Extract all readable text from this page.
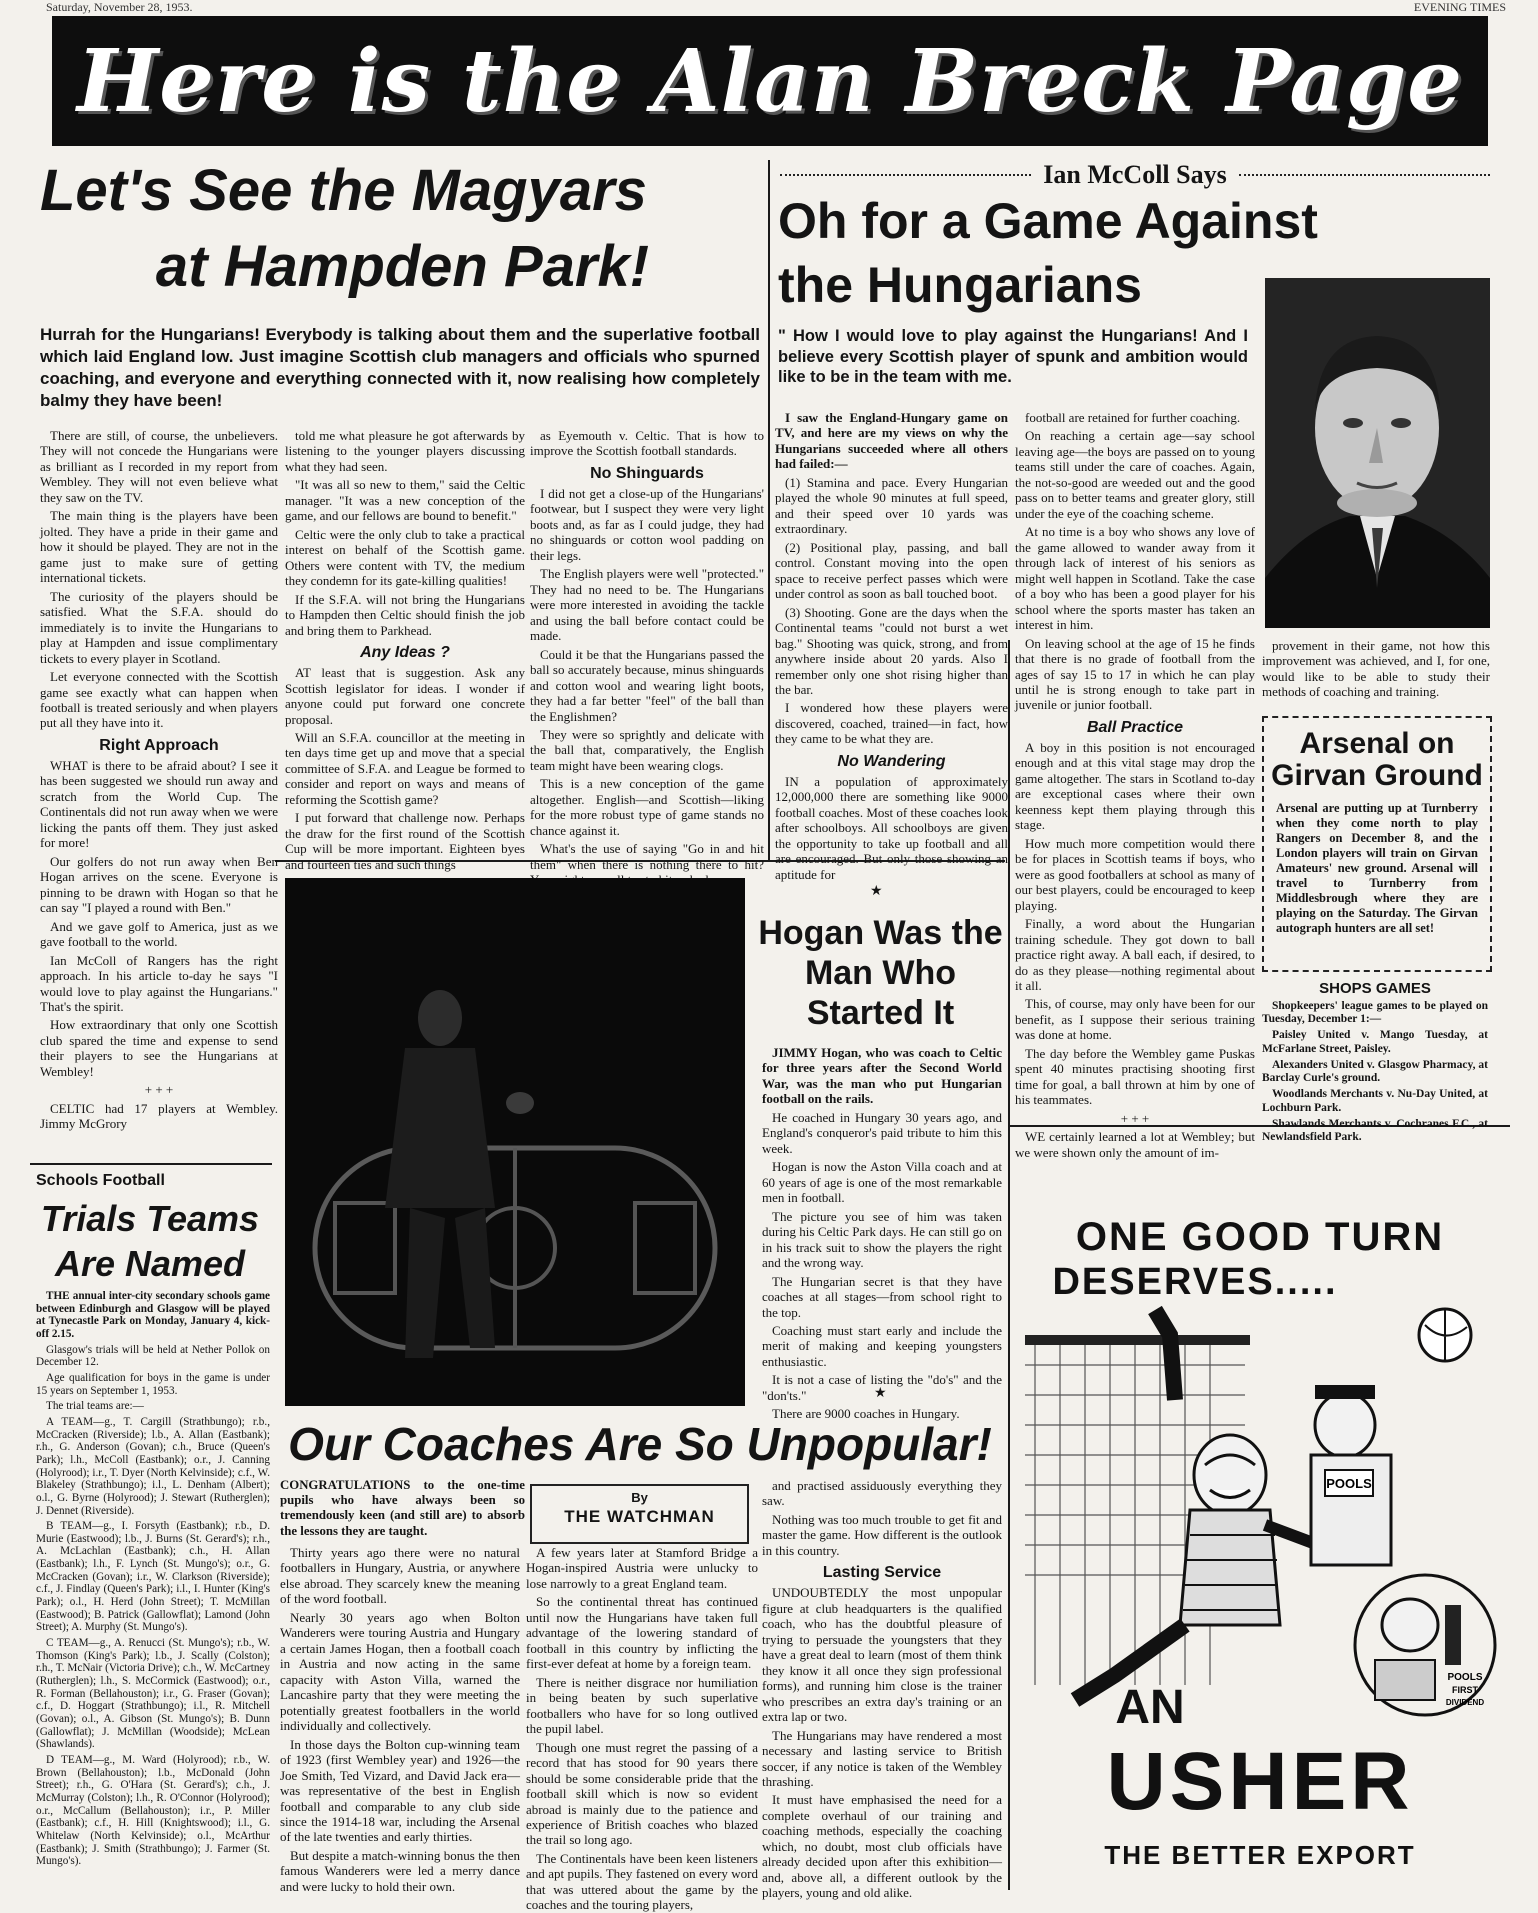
Saturday, November 28, 1953.	EVENING TIMES
Here is the Alan Breck Page
Let's See the Magyars
at Hampden Park!
Hurrah for the Hungarians! Everybody is talking about them and the superlative football which laid England low. Just imagine Scottish club managers and officials who spurned coaching, and everyone and everything connected with it, now realising how completely balmy they have been!

There are still, of course, the unbelievers. They will not concede the Hungarians were as brilliant as I recorded in my report from Wembley. They will not even believe what they saw on the TV.

The main thing is the players have been jolted. They have a pride in their game and how it should be played. They are not in the game just to make sure of getting international tickets.

The curiosity of the players should be satisfied. What the S.F.A. should do immediately is to invite the Hungarians to play at Hampden and issue complimentary tickets to every player in Scotland.

Let everyone connected with the Scottish game see exactly what can happen when football is treated seriously and when players put all they have into it.

Right Approach

WHAT is there to be afraid about? I see it has been suggested we should run away and scratch from the World Cup. The Continentals did not run away when we were licking the pants off them. They just asked for more!

Our golfers do not run away when Ben Hogan arrives on the scene. Everyone is pinning to be drawn with Hogan so that he can say "I played a round with Ben."

And we gave golf to America, just as we gave football to the world.

Ian McColl of Rangers has the right approach. In his article to-day he says "I would love to play against the Hungarians." That's the spirit.

How extraordinary that only one Scottish club spared the time and expense to send their players to see the Hungarians at Wembley!

+ + +

CELTIC had 17 players at Wembley. Jimmy McGrory

told me what pleasure he got afterwards by listening to the younger players discussing what they had seen.

"It was all so new to them," said the Celtic manager. "It was a new conception of the game, and our fellows are bound to benefit."

Celtic were the only club to take a practical interest on behalf of the Scottish game. Others were content with TV, the medium they condemn for its gate-killing qualities!

If the S.F.A. will not bring the Hungarians to Hampden then Celtic should finish the job and bring them to Parkhead.

Any Ideas ?

AT least that is suggestion. Ask any Scottish legislator for ideas. I wonder if anyone could put forward one concrete proposal.

Will an S.F.A. councillor at the meeting in ten days time get up and move that a special committee of S.F.A. and League be formed to consider and report on ways and means of reforming the Scottish game?

I put forward that challenge now. Perhaps the draw for the first round of the Scottish Cup will be more important. Eighteen byes and fourteen ties and such things

as Eyemouth v. Celtic. That is how to improve the Scottish football standards.

No Shinguards

I did not get a close-up of the Hungarians' footwear, but I suspect they were very light boots and, as far as I could judge, they had no shinguards or cotton wool padding on their legs.

The English players were well "protected." They had no need to be. The Hungarians were more interested in avoiding the tackle and using the ball before contact could be made.

Could it be that the Hungarians passed the ball so accurately because, minus shinguards and cotton wool and wearing light boots, they had a far better "feel" of the ball than the Englishmen?

They were so sprightly and delicate with the ball that, comparatively, the English team might have been wearing clogs.

This is a new conception of the game altogether. English—and Scottish—liking for the more robust type of game stands no chance against it.

What's the use of saying "Go in and hit them" when there is nothing there to hit?

Schools Football
Trials Teams
Are Named

THE annual inter-city secondary schools game between Edinburgh and Glasgow will be played at Tynecastle Park on Monday, January 4, kick-off 2.15.

Glasgow's trials will be held at Nether Pollok on December 12.

Age qualification for boys in the game is under 15 years on September 1, 1953.

The trial teams are:—

A TEAM—g., T. Cargill (Strathbungo); r.b., McCracken (Riverside); l.b., A. Allan (Eastbank); r.h., G. Anderson (Govan); c.h., Bruce (Queen's Park); l.h., McColl (Eastbank); o.r., J. Canning (Holyrood); i.r., T. Dyer (North Kelvinside); c.f., W. Blakeley (Strathbungo); i.l., L. Denham (Albert); o.l., G. Byrne (Holyrood); J. Stewart (Rutherglen); J. Dennet (Riverside).

B TEAM—g., I. Forsyth (Eastbank); r.b., D. Murie (Eastwood); l.b., J. Burns (St. Gerard's); r.h., A. McLachlan (Eastbank); c.h., H. Allan (Eastbank); l.h., F. Lynch (St. Mungo's); o.r., G. McCracken (Govan); i.r., W. Clarkson (Riverside); c.f., J. Findlay (Queen's Park); i.l., I. Hunter (King's Park); o.l., H. Herd (John Street); T. McMillan (Eastwood); B. Patrick (Gallowflat); Lamond (John Street); A. Murphy (St. Mungo's).

C TEAM—g., A. Renucci (St. Mungo's); r.b., W. Thomson (King's Park); l.b., J. Scally (Colston); r.h., T. McNair (Victoria Drive); c.h., W. McCartney (Rutherglen); l.h., S. McCormick (Eastwood); o.r., R. Forman (Bellahouston); i.r., G. Fraser (Govan); c.f., D. Hoggart (Strathbungo); i.l., R. Mitchell (Govan); o.l., A. Gibson (St. Mungo's); B. Dunn (Gallowflat); J. McMillan (Woodside); McLean (Shawlands).

D TEAM—g., M. Ward (Holyrood); r.b., W. Brown (Bellahouston); l.b., McDonald (John Street); r.h., G. O'Hara (St. Gerard's); c.h., J. McMurray (Colston); l.h., R. O'Connor (Holyrood); o.r., McCallum (Bellahouston); i.r., P. Miller (Eastbank); c.f., H. Hill (Knightswood); i.l., G. Whitelaw (North Kelvinside); o.l., McArthur (Eastbank); J. Smith (Strathbungo); J. Farmer (St. Mungo's).

Ian McColl Says
Oh for a Game Against
the Hungarians
" How I would love to play against the Hungarians! And I believe every Scottish player of spunk and ambition would like to be in the team with me.

I saw the England-Hungary game on TV, and here are my views on why the Hungarians succeeded where all others had failed:—

(1) Stamina and pace. Every Hungarian played the whole 90 minutes at full speed, and their speed over 10 yards was extraordinary.

(2) Positional play, passing, and ball control. Constant moving into the open space to receive perfect passes which were under control as soon as ball touched boot.

(3) Shooting. Gone are the days when the Continental teams "could not burst a wet bag." Shooting was quick, strong, and from anywhere inside about 20 yards. Also I remember only one shot rising higher than the bar.

I wondered how these players were discovered, coached, trained—in fact, how they came to be what they are.

No Wandering

IN a population of approximately 12,000,000 there are something like 9000 football coaches. Most of these coaches look after schoolboys. All schoolboys are given the opportunity to take up football and all are encouraged. But only those showing an aptitude for

football are retained for further coaching.

On reaching a certain age—say school leaving age—the boys are passed on to young teams still under the care of coaches. Again, the not-so-good are weeded out and the good pass on to better teams and greater glory, still under the eye of the coaching scheme.

At no time is a boy who shows any love of the game allowed to wander away from it through lack of interest of his seniors as might well happen in Scotland. Take the case of a boy who has been a good player for his school where the sports master has taken an interest in him.

On leaving school at the age of 15 he finds that there is no grade of football from the ages of say 15 to 17 in which he can play until he is strong enough to take part in juvenile or junior football.

Ball Practice

A boy in this position is not encouraged enough and at this vital stage may drop the game altogether. The stars in Scotland to-day are exceptional cases where their own keenness kept them playing through this stage.

How much more competition would there be for places in Scottish teams if boys, who were as good footballers at school as many of our best players, could be encouraged to keep playing.

Finally, a word about the Hungarian training schedule. They got down to ball practice right away. A ball each, if desired, to do as they please—nothing regimental about it all.

This, of course, may only have been for our benefit, as I suppose their serious training was done at home.

The day before the Wembley game Puskas spent 40 minutes practising shooting first time for goal, a ball thrown at him by one of his teammates.

+ + +

WE certainly learned a lot at Wembley; but we were shown only the amount of im-

provement in their game, not how this improvement was achieved, and I, for one, would like to be able to study their methods of coaching and training.

Arsenal on
Girvan Ground
Arsenal are putting up at Turnberry when they come north to play Rangers on December 8, and the London players will train on Girvan Amateurs' new ground. Arsenal will travel to Turnberry from Middlesbrough where they are playing on the Saturday. The Girvan autograph hunters are all set!
SHOPS GAMES

Shopkeepers' league games to be played on Tuesday, December 1:—

Paisley United v. Mango Tuesday, at McFarlane Street, Paisley.

Alexanders United v. Glasgow Pharmacy, at Barclay Curle's ground.

Woodlands Merchants v. Nu-Day United, at Lochburn Park.

Shawlands Merchants v. Cochranes F.C., at Newlandsfield Park.

★
Hogan Was the
Man Who
Started It

JIMMY Hogan, who was coach to Celtic for three years after the Second World War, was the man who put Hungarian football on the rails.

He coached in Hungary 30 years ago, and England's conqueror's paid tribute to him this week.

Hogan is now the Aston Villa coach and at 60 years of age is one of the most remarkable men in football.

The picture you see of him was taken during his Celtic Park days. He can still go on in his track suit to show the players the right and the wrong way.

The Hungarian secret is that they have coaches at all stages—from school right to the top.

Coaching must start early and include the merit of making and keeping youngsters enthusiastic.

It is not a case of listing the "do's" and the "don'ts."

There are 9000 coaches in Hungary.

★
Our Coaches Are So Unpopular!
CONGRATULATIONS to the one-time pupils who have always been so tremendously keen (and still are) to absorb the lessons they are taught.
By
THE WATCHMAN

Thirty years ago there were no natural footballers in Hungary, Austria, or anywhere else abroad. They scarcely knew the meaning of the word football.

Nearly 30 years ago when Bolton Wanderers were touring Austria and Hungary a certain James Hogan, then a football coach in Austria and now acting in the same capacity with Aston Villa, warned the Lancashire party that they were meeting the potentially greatest footballers in the world individually and collectively.

In those days the Bolton cup-winning team of 1923 (first Wembley year) and 1926—the Joe Smith, Ted Vizard, and David Jack era—was representative of the best in English football and comparable to any club side since the 1914-18 war, including the Arsenal of the late twenties and early thirties.

But despite a match-winning bonus the then famous Wanderers were led a merry dance and were lucky to hold their own.

A few years later at Stamford Bridge a Hogan-inspired Austria were unlucky to lose narrowly to a great England team.

So the continental threat has continued until now the Hungarians have taken full advantage of the lowering standard of football in this country by inflicting the first-ever defeat at home by a foreign team.

There is neither disgrace nor humiliation in being beaten by such superlative footballers who have for so long outlived the pupil label.

Though one must regret the passing of a record that has stood for 90 years there should be some considerable pride that the football skill which is now so evident abroad is mainly due to the patience and experience of British coaches who blazed the trail so long ago.

The Continentals have been keen listeners and apt pupils. They fastened on every word that was uttered about the game by the coaches and the touring players,

and practised assiduously everything they saw.

Nothing was too much trouble to get fit and master the game. How different is the outlook in this country.

Lasting Service

UNDOUBTEDLY the most unpopular figure at club headquarters is the qualified coach, who has the doubtful pleasure of trying to persuade the youngsters that they have a great deal to learn (most of them think they know it all once they sign professional forms), and running him close is the trainer who prescribes an extra day's training or an extra lap or two.

The Hungarians may have rendered a most necessary and lasting service to British soccer, if any notice is taken of the Wembley thrashing.

It must have emphasised the need for a complete overhaul of our training and coaching methods, especially the coaching which, no doubt, most club officials have already decided upon after this exhibition—and, above all, a different outlook by the players, young and old alike.

ONE GOOD TURN
DESERVES.....
POOLS
POOLS
FIRST
DIVIDEND
AN
USHER
THE BETTER EXPORT
